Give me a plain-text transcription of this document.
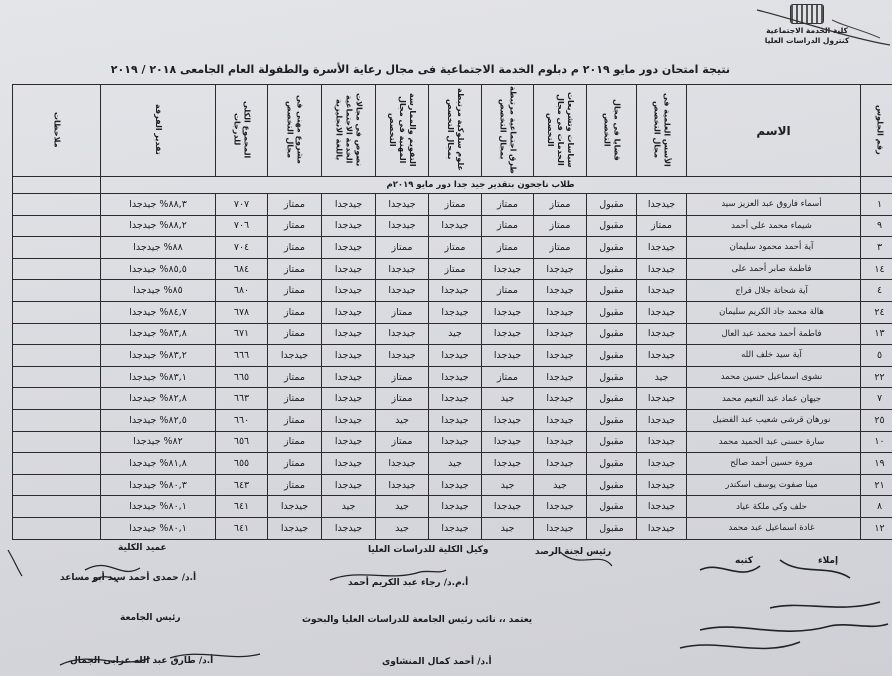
كلية الخدمة الاجتماعية
كنترول الدراسات العليا
نتيجة امتحان دور مايو ٢٠١٩ م دبلوم الخدمة الاجتماعية فى مجال رعاية الأسرة والطفولة العام الجامعى ٢٠١٨ / ٢٠١٩
رقم الجلوس	الاسم	الأسس العلمية فى مجال التخصص	قضايا فى مجال التخصص	سياسات وتشريعات الخدمات فى مجال التخصص	طرق اجتماعية مرتبطة بمجال التخصص	علوم سلوكية مرتبطة بمجال التخصص	التقويم والممارسة المهنية فى مجال التخصص	نصوص فى مجالات الخدمة الاجتماعية باللغة الانجليزية	مشروع مهنى فى مجال التخصص	المجموع الكلى للدرجات	تقدير الفرقة	ملاحظات
	طلاب ناجحون بتقدير جيد جدا دور مايو ٢٠١٩م											
١	أسماء فاروق عبد العزيز سيد	جيدجدا	مقبول	ممتاز	ممتاز	ممتاز	جيدجدا	جيدجدا	ممتاز	٧٠٧	٨٨,٣% جيدجدا	
٩	شيماء محمد على أحمد	ممتاز	مقبول	ممتاز	ممتاز	جيدجدا	جيدجدا	جيدجدا	ممتاز	٧٠٦	٨٨,٢% جيدجدا	
٣	آية أحمد محمود سليمان	جيدجدا	مقبول	ممتاز	ممتاز	ممتاز	ممتاز	جيدجدا	ممتاز	٧٠٤	٨٨% جيدجدا	
١٤	فاطمة صابر أحمد على	جيدجدا	مقبول	جيدجدا	جيدجدا	ممتاز	جيدجدا	جيدجدا	ممتاز	٦٨٤	٨٥,٥% جيدجدا	
٤	آية شحاتة جلال فراج	جيدجدا	مقبول	جيدجدا	ممتاز	جيدجدا	جيدجدا	جيدجدا	ممتاز	٦٨٠	٨٥% جيدجدا	
٢٤	هالة محمد جاد الكريم سليمان	جيدجدا	مقبول	جيدجدا	جيدجدا	جيدجدا	ممتاز	جيدجدا	ممتاز	٦٧٨	٨٤,٧% جيدجدا	
١٣	فاطمة أحمد محمد عبد العال	جيدجدا	مقبول	جيدجدا	جيدجدا	جيد	جيدجدا	جيدجدا	ممتاز	٦٧١	٨٣,٨% جيدجدا	
٥	آية سيد خلف الله	جيدجدا	مقبول	جيدجدا	جيدجدا	جيدجدا	جيدجدا	جيدجدا	جيدجدا	٦٦٦	٨٣,٢% جيدجدا	
٢٢	نشوى اسماعيل حسين محمد	جيد	مقبول	جيدجدا	ممتاز	جيدجدا	ممتاز	جيدجدا	ممتاز	٦٦٥	٨٣,١% جيدجدا	
٧	جيهان عماد عبد النعيم محمد	جيدجدا	مقبول	جيدجدا	جيد	جيدجدا	ممتاز	جيدجدا	ممتاز	٦٦٣	٨٢,٨% جيدجدا	
٢٥	نورهان قرشى شعيب عبد الفضيل	جيدجدا	مقبول	جيدجدا	جيدجدا	جيدجدا	جيد	جيدجدا	ممتاز	٦٦٠	٨٢,٥% جيدجدا	
١٠	سارة حسنى عبد الحميد محمد	جيدجدا	مقبول	جيدجدا	جيدجدا	جيدجدا	ممتاز	جيدجدا	ممتاز	٦٥٦	٨٢% جيدجدا	
١٩	مروة حسين أحمد صالح	جيدجدا	مقبول	جيدجدا	جيدجدا	جيد	جيدجدا	جيدجدا	ممتاز	٦٥٥	٨١,٨% جيدجدا	
٢١	مينا صفوت يوسف اسكندر	جيدجدا	مقبول	جيد	جيد	جيدجدا	جيدجدا	جيدجدا	ممتاز	٦٤٣	٨٠,٣% جيدجدا	
٨	حلف وكى ملكة عياد	جيدجدا	مقبول	جيدجدا	جيدجدا	جيدجدا	جيد	جيد	جيدجدا	٦٤١	٨٠,١% جيدجدا	
١٢	غادة اسماعيل عبد محمد	جيدجدا	مقبول	جيدجدا	جيد	جيدجدا	جيد	جيدجدا	جيدجدا	٦٤١	٨٠,١% جيدجدا	
عميد الكلية	وكيل الكلية للدراسات العليا	رئيس لجنة الرصد
كتبه	إملاء
أ.د/ حمدى أحمد سيد أبو مساعد	أ.م.د/ رجاء عبد الكريم أحمد
رئيس الجامعة	يعتمد ،، نائب رئيس الجامعة للدراسات العليا والبحوث
أ.د/ طارق عبد الله عرابى الجمال	أ.د/ أحمد كمال المنشاوى
